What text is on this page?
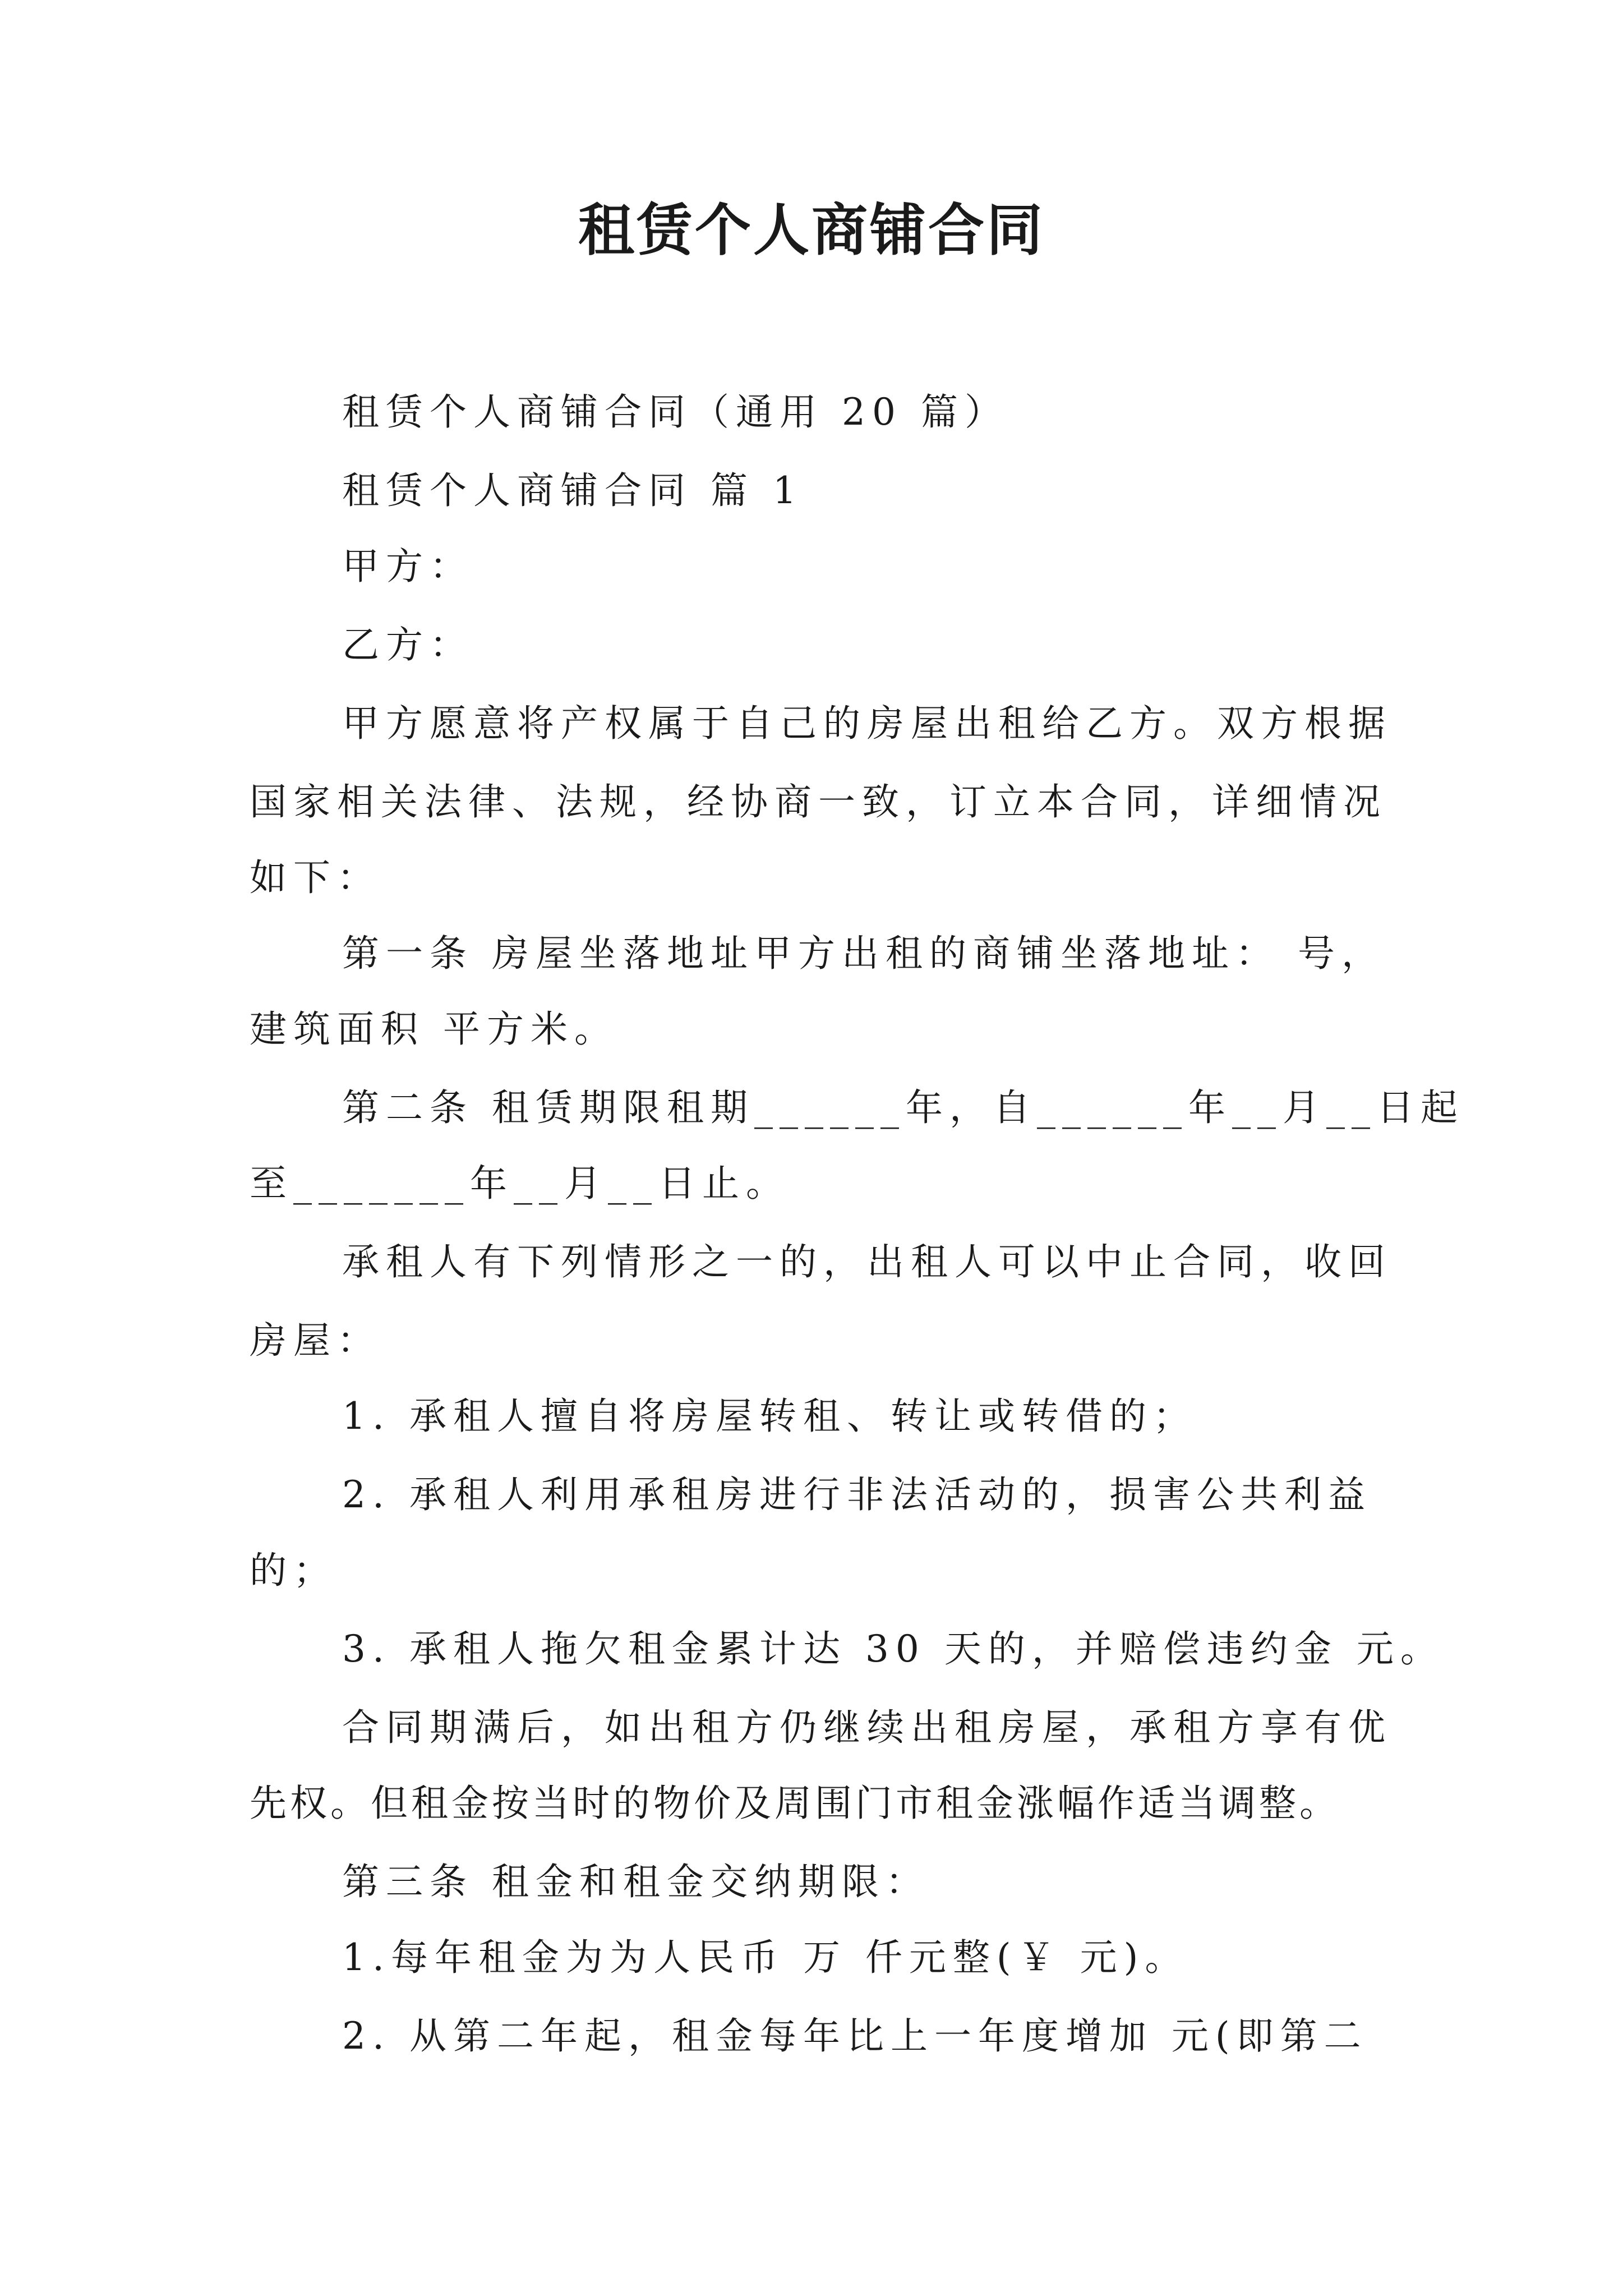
租赁个人商铺合同
租赁个人商铺合同（通用 20 篇）
租赁个人商铺合同 篇 1
甲方：
乙方：
甲方愿意将产权属于自己的房屋出租给乙方。双方根据
国家相关法律、法规，经协商一致，订立本合同，详细情况
如下：
第一条 房屋坐落地址甲方出租的商铺坐落地址： 号，
建筑面积 平方米。
第二条 租赁期限租期______年，自______年__月__日起
至_______年__月__日止。
承租人有下列情形之一的，出租人可以中止合同，收回
房屋：
1. 承租人擅自将房屋转租、转让或转借的；
2. 承租人利用承租房进行非法活动的，损害公共利益
的；
3. 承租人拖欠租金累计达 30 天的，并赔偿违约金 元。
合同期满后，如出租方仍继续出租房屋，承租方享有优
先权。但租金按当时的物价及周围门市租金涨幅作适当调整。
第三条 租金和租金交纳期限：
1.每年租金为为人民币 万 仟元整(￥ 元)。
2. 从第二年起，租金每年比上一年度增加 元(即第二
